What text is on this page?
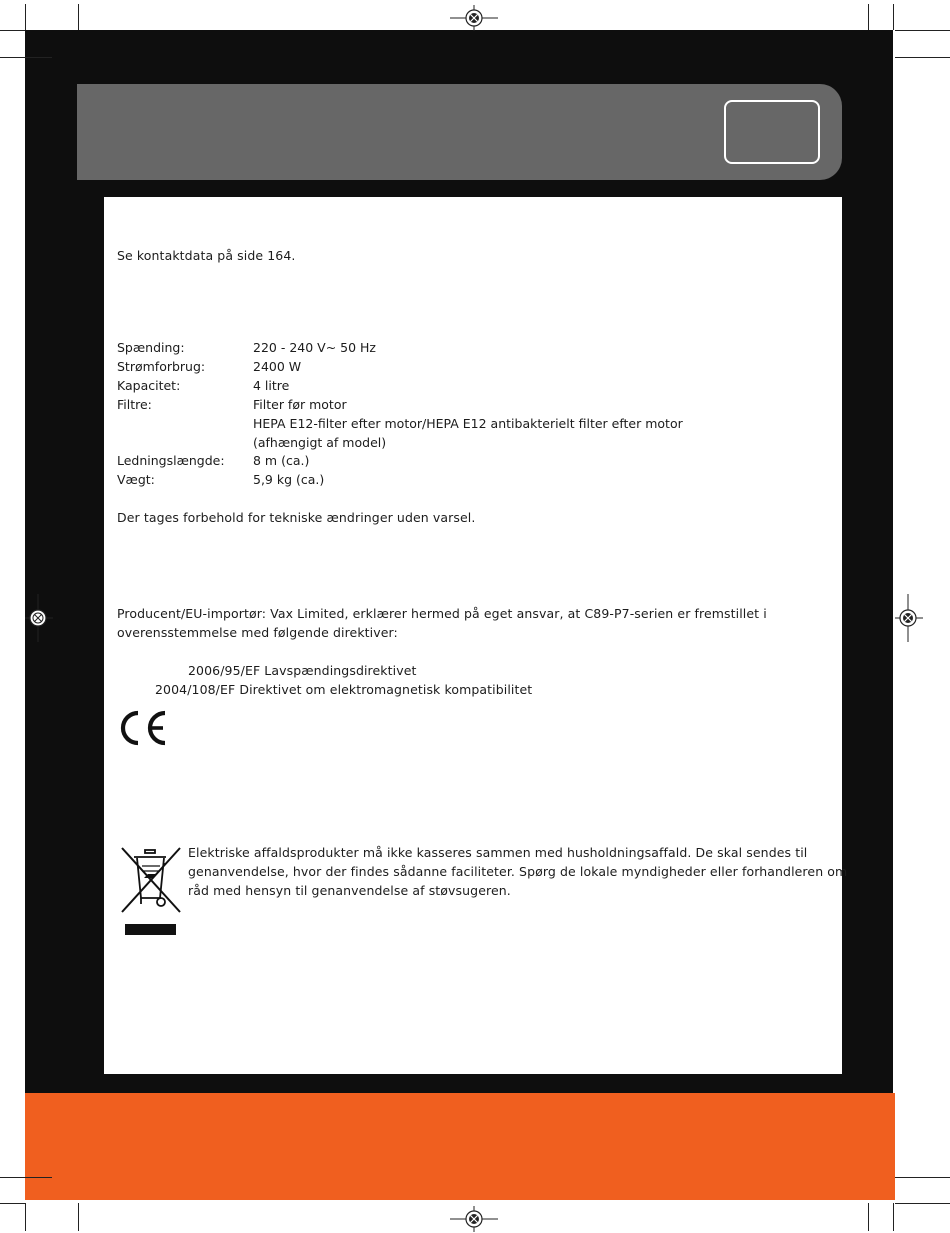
Se kontaktdata på side 164.
Spænding:	220 - 240 V~ 50 Hz
Strømforbrug:	2400 W
Kapacitet:	4 litre
Filtre:	Filter før motor
HEPA E12-filter efter motor/HEPA E12 antibakterielt filter efter motor
(afhængigt af model)
Ledningslængde: 8 m (ca.)
Vægt:	5,9 kg (ca.)
Der tages forbehold for tekniske ændringer uden varsel.
Producent/EU-importør: Vax Limited, erklærer hermed på eget ansvar, at C89-P7-serien er fremstillet i
overensstemmelse med følgende direktiver:
2006/95/EF Lavspændingsdirektivet
2004/108/EF Direktivet om elektromagnetisk kompatibilitet
Elektriske affaldsprodukter må ikke kasseres sammen med husholdningsaffald. De skal sendes til
genanvendelse, hvor der findes sådanne faciliteter. Spørg de lokale myndigheder eller forhandleren om
råd med hensyn til genanvendelse af støvsugeren.
